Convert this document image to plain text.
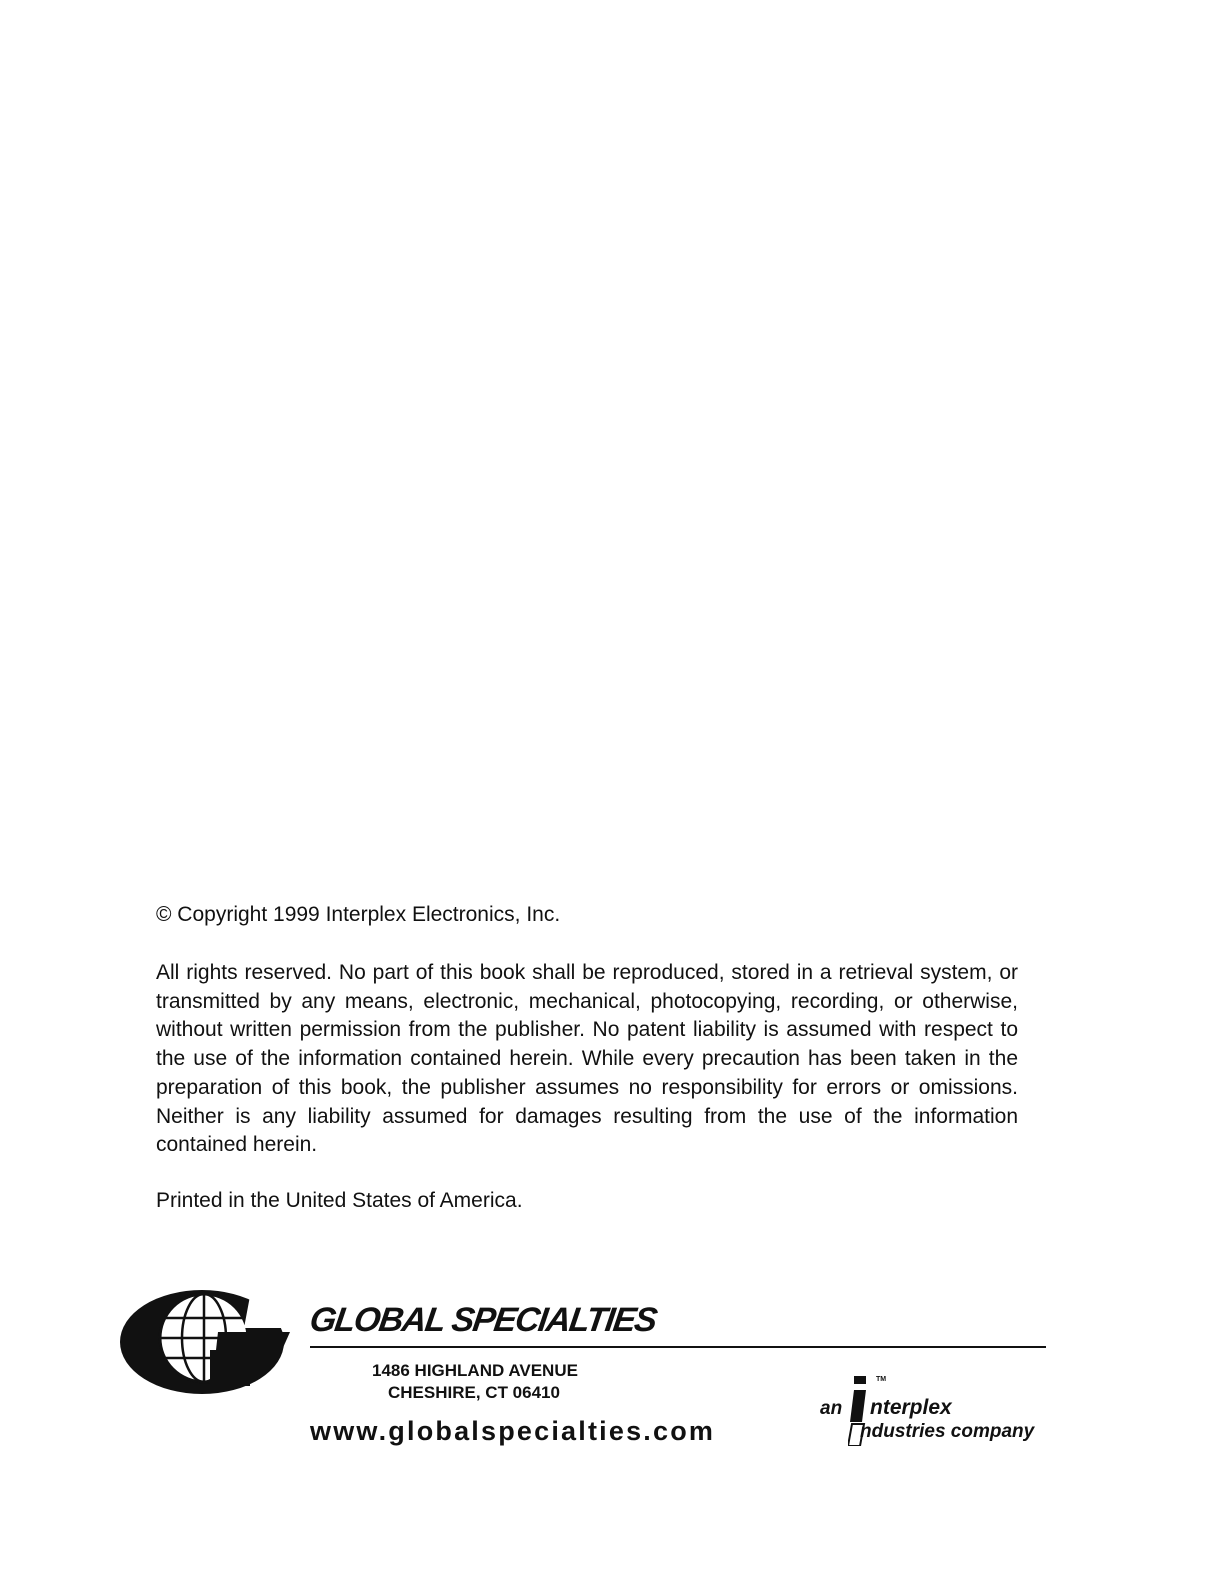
© Copyright 1999 Interplex Electronics, Inc.

All rights reserved. No part of this book shall be reproduced, stored in a retrieval system, or transmitted by any means, electronic, mechanical, photocopying, recording, or otherwise, without written permission from the publisher. No patent liability is assumed with respect to the use of the information contained herein. While every precaution has been taken in the preparation of this book, the publisher assumes no responsibility for errors or omissions. Neither is any liability assumed for damages resulting from the use of the information contained herein.

Printed in the United States of America.

GLOBAL SPECIALTIES

1486 HIGHLAND AVENUE
CHESHIRE, CT 06410

www.globalspecialties.com
an
TM
nterplex
ndustries company
